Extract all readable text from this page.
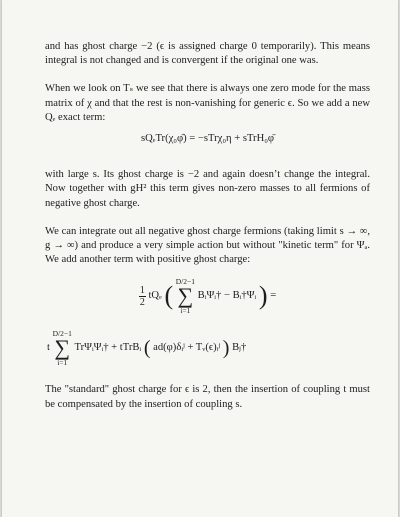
and has ghost charge −2 (ϵ is assigned charge 0 temporarily). This means integral is not changed and is convergent if the original one was.

When we look on Tₛ we see that there is always one zero mode for the mass matrix of χ and that the rest is non-vanishing for generic ϵ. So we add a new Qₑ exact term:

sQₑTr(χ₀φ̄) = −sTrχ₀η + sTrH₀φ̄

with large s. Its ghost charge is −2 and again doesn’t change the integral. Now together with gH² this term gives non-zero masses to all fermions of negative ghost charge.

We can integrate out all negative ghost charge fermions (taking limit s → ∞, g → ∞) and produce a very simple action but without "kinetic term" for Ψₐ. We add another term with positive ghost charge:

$\frac{1}{2}$ tQₑ ( D/2−1
∑
i=1
BᵢΨᵢ† − Bᵢ†Ψᵢ ) =
t
D/2−1
∑
i=1
TrΨᵢΨᵢ† + tTrBᵢ ( ad(φ)δᵢʲ + Tᵥ(ϵ)ᵢʲ ) Bⱼ†

The "standard" ghost charge for ϵ is 2, then the insertion of coupling t must be compensated by the insertion of coupling s.
